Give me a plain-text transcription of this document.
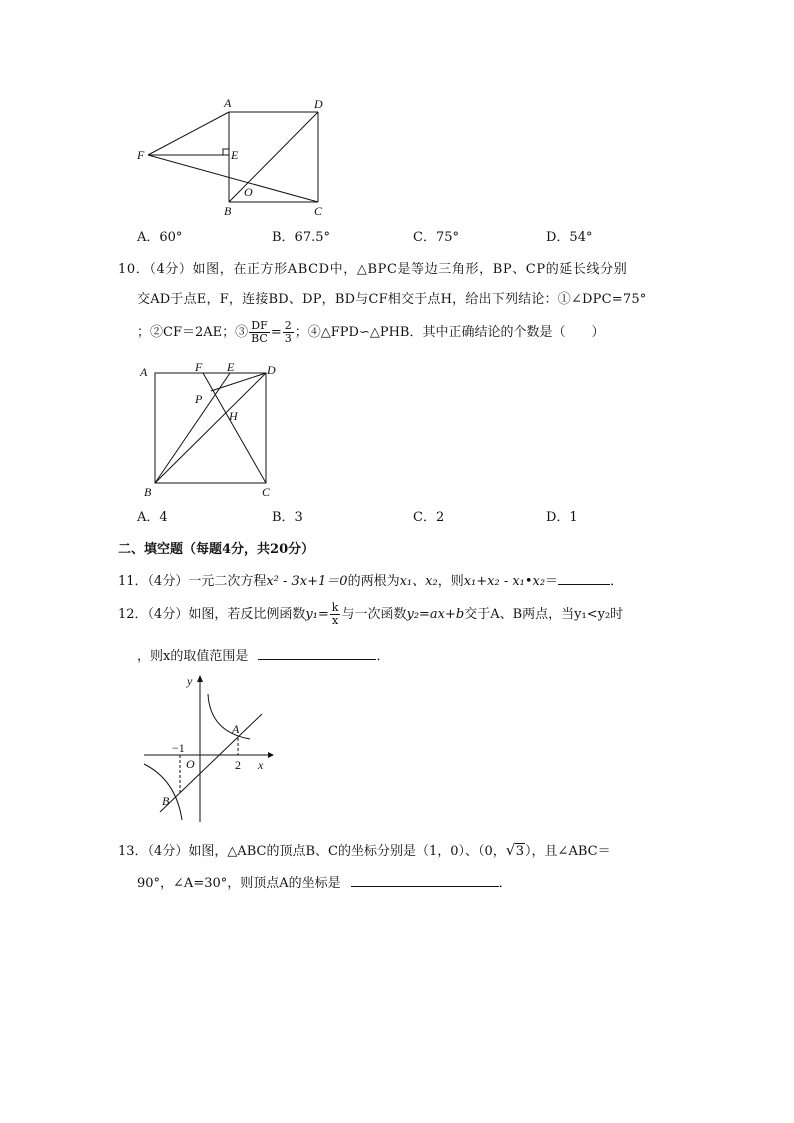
A	D
F	E
O
B	C
A．60°	B．67.5°	C．75°	D．54°
10．（4分）如图，在正方形ABCD中，△BPC是等边三角形，BP、CP的延长线分别
交AD于点E，F，连接BD、DP，BD与CF相交于点H，给出下列结论：①∠DPC=75°
；②CF＝2AE；③ $\frac{DF}{BC} = \frac{2}{3}$ ；④△FPD∽△PHB．其中正确结论的个数是（　　）
A	F E	D
P
H
B	C
A．4	B．3	C．2	D．1
二、填空题（每题4分，共20分）
11．（4分）一元二次方程x² - 3x+1＝0的两根为x₁、x₂，则x₁+x₂ - x₁•x₂＝	．
12．（4分）如图，若反比例函数$y_1= \frac{k}{x}$ 与一次函数y₂=ax+b交于A、B两点，当y₁<y₂时
，则x的取值范围是	．
y
x
A
B
O
−1
2
13．（4分）如图，△ABC的顶点B、C的坐标分别是（1，0）、（0， √ 3），且∠ABC＝
90°，∠A=30°，则顶点A的坐标是	．
